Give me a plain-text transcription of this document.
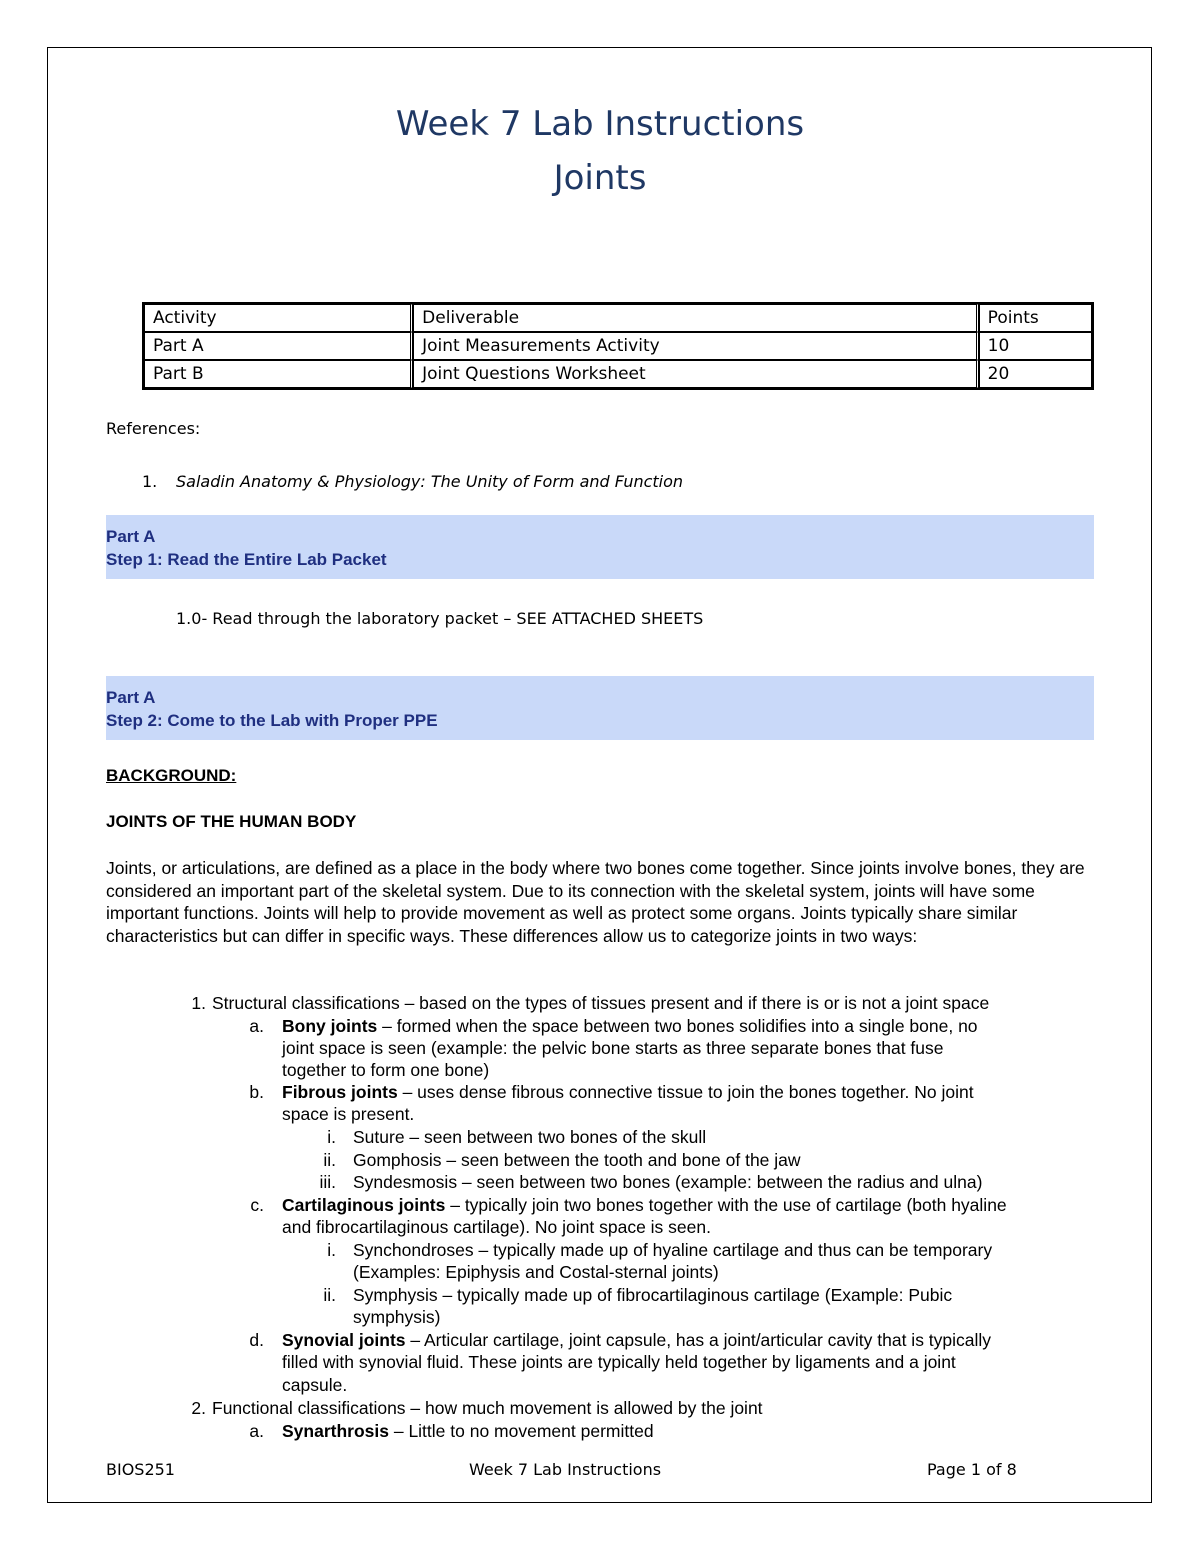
Week 7 Lab Instructions
Joints
Activity	Deliverable	Points
Part A	Joint Measurements Activity	10
Part B	Joint Questions Worksheet	20
References:
1. Saladin Anatomy & Physiology: The Unity of Form and Function
Part A
Step 1: Read the Entire Lab Packet
1.0- Read through the laboratory packet – SEE ATTACHED SHEETS
Part A
Step 2: Come to the Lab with Proper PPE
BACKGROUND:
JOINTS OF THE HUMAN BODY
Joints, or articulations, are defined as a place in the body where two bones come together. Since joints involve bones, they are considered an important part of the skeletal system. Due to its connection with the skeletal system, joints will have some important functions. Joints will help to provide movement as well as protect some organs. Joints typically share similar characteristics but can differ in specific ways. These differences allow us to categorize joints in two ways:
1. Structural classifications – based on the types of tissues present and if there is or is not a joint space
a. Bony joints – formed when the space between two bones solidifies into a single bone, no
joint space is seen (example: the pelvic bone starts as three separate bones that fuse
together to form one bone)
b. Fibrous joints – uses dense fibrous connective tissue to join the bones together. No joint
space is present.
i. Suture – seen between two bones of the skull
ii. Gomphosis – seen between the tooth and bone of the jaw
iii. Syndesmosis – seen between two bones (example: between the radius and ulna)
c. Cartilaginous joints – typically join two bones together with the use of cartilage (both hyaline
and fibrocartilaginous cartilage). No joint space is seen.
i. Synchondroses – typically made up of hyaline cartilage and thus can be temporary
(Examples: Epiphysis and Costal-sternal joints)
ii. Symphysis – typically made up of fibrocartilaginous cartilage (Example: Pubic
symphysis)
d. Synovial joints – Articular cartilage, joint capsule, has a joint/articular cavity that is typically
filled with synovial fluid. These joints are typically held together by ligaments and a joint
capsule.
2. Functional classifications – how much movement is allowed by the joint
a. Synarthrosis – Little to no movement permitted
BIOS251	Week 7 Lab Instructions	Page 1 of 8
